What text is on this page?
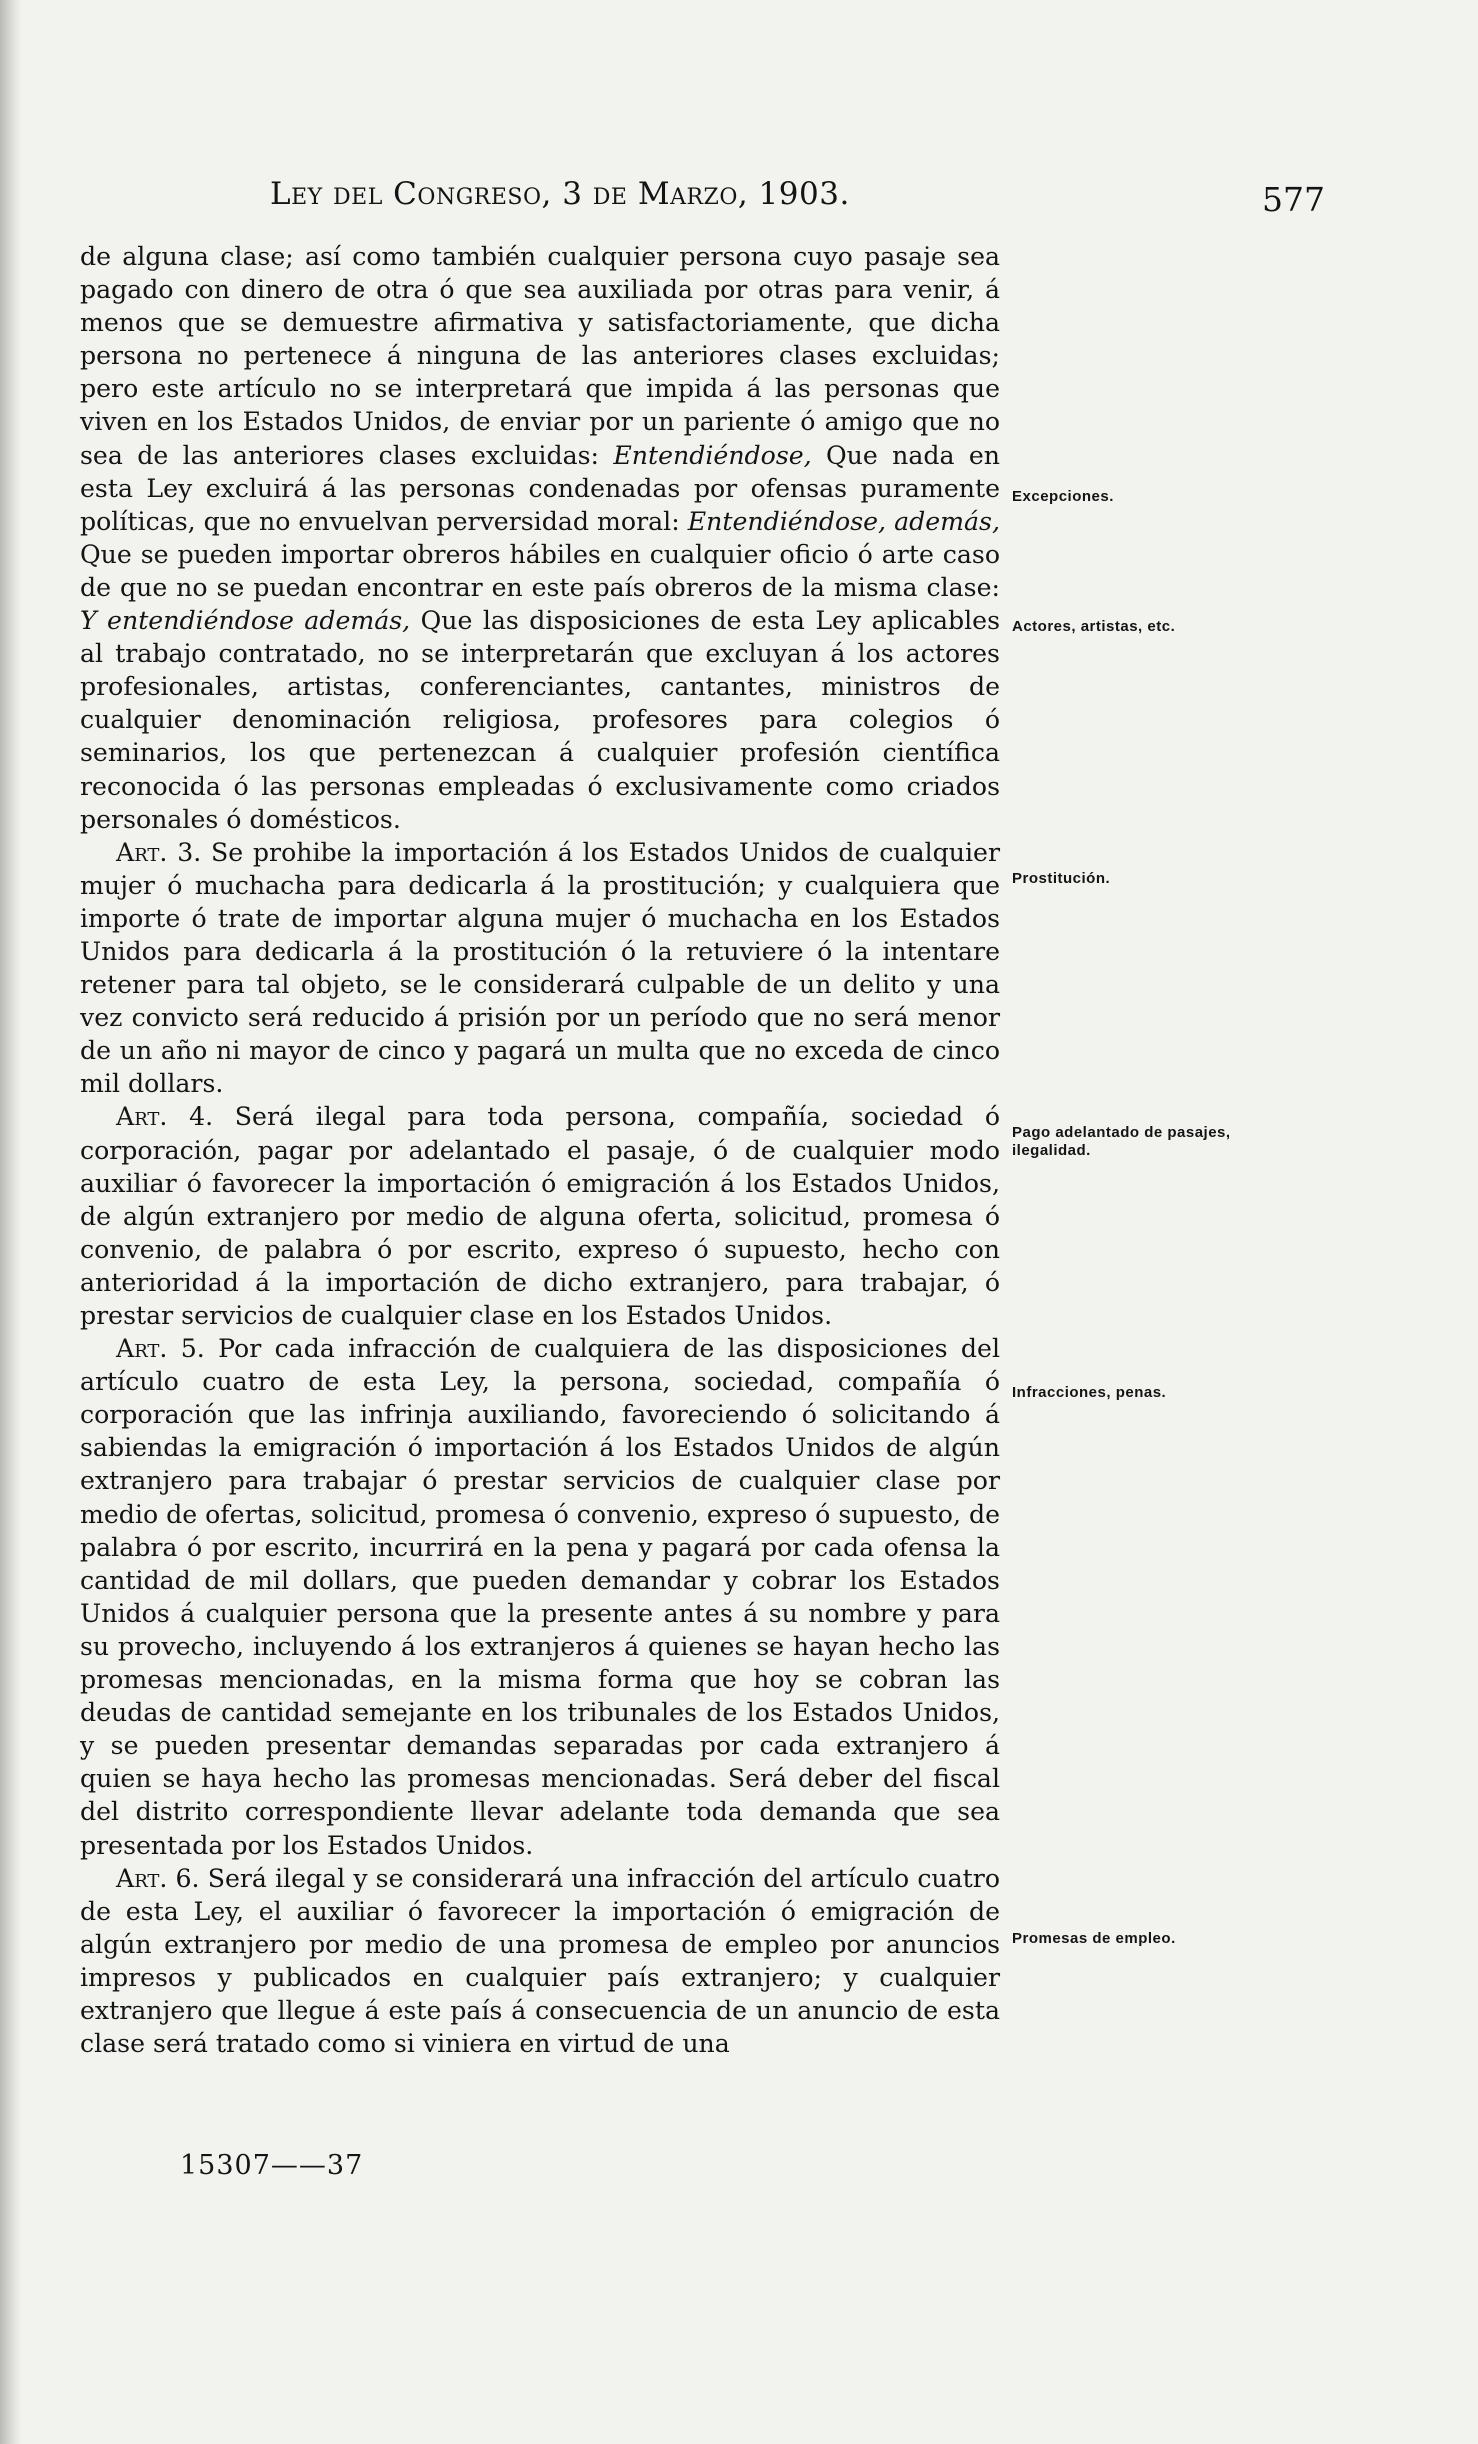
Ley del Congreso, 3 de Marzo, 1903.	577

de alguna clase; así como también cualquier persona cuyo pasaje sea pagado con dinero de otra ó que sea auxiliada por otras para venir, á menos que se demuestre afirmativa y satisfactoriamente, que dicha persona no pertenece á ninguna de las anteriores clases excluidas; pero este artículo no se interpretará que impida á las personas que viven en los Estados Unidos, de enviar por un pariente ó amigo que no sea de las anteriores clases excluidas: Entendiéndose, Que nada en esta Ley excluirá á las personas condenadas por ofensas puramente políticas, que no envuelvan perversidad moral: Entendiéndose, además, Que se pueden importar obreros hábiles en cualquier oficio ó arte caso de que no se puedan encontrar en este país obreros de la misma clase: Y entendiéndose además, Que las disposiciones de esta Ley aplicables al trabajo contratado, no se interpretarán que excluyan á los actores profesionales, artistas, conferenciantes, cantantes, ministros de cualquier denominación religiosa, profesores para colegios ó seminarios, los que pertenezcan á cualquier profesión científica reconocida ó las personas empleadas ó exclusivamente como criados personales ó domésticos.

Art. 3. Se prohibe la importación á los Estados Unidos de cualquier mujer ó muchacha para dedicarla á la prostitución; y cualquiera que importe ó trate de importar alguna mujer ó muchacha en los Estados Unidos para dedicarla á la prostitución ó la retuviere ó la intentare retener para tal objeto, se le considerará culpable de un delito y una vez convicto será reducido á prisión por un período que no será menor de un año ni mayor de cinco y pagará un multa que no exceda de cinco mil dollars.

Art. 4. Será ilegal para toda persona, compañía, sociedad ó corporación, pagar por adelantado el pasaje, ó de cualquier modo auxiliar ó favorecer la importación ó emigración á los Estados Unidos, de algún extranjero por medio de alguna oferta, solicitud, promesa ó convenio, de palabra ó por escrito, expreso ó supuesto, hecho con anterioridad á la importación de dicho extranjero, para trabajar, ó prestar servicios de cualquier clase en los Estados Unidos.

Art. 5. Por cada infracción de cualquiera de las disposiciones del artículo cuatro de esta Ley, la persona, sociedad, compañía ó corporación que las infrinja auxiliando, favoreciendo ó solicitando á sabiendas la emigración ó importación á los Estados Unidos de algún extranjero para trabajar ó prestar servicios de cualquier clase por medio de ofertas, solicitud, promesa ó convenio, expreso ó supuesto, de palabra ó por escrito, incurrirá en la pena y pagará por cada ofensa la cantidad de mil dollars, que pueden demandar y cobrar los Estados Unidos á cualquier persona que la presente antes á su nombre y para su provecho, incluyendo á los extranjeros á quienes se hayan hecho las promesas mencionadas, en la misma forma que hoy se cobran las deudas de cantidad semejante en los tribunales de los Estados Unidos, y se pueden presentar demandas separadas por cada extranjero á quien se haya hecho las promesas mencionadas. Será deber del fiscal del distrito correspondiente llevar adelante toda demanda que sea presentada por los Estados Unidos.

Art. 6. Será ilegal y se considerará una infracción del artículo cuatro de esta Ley, el auxiliar ó favorecer la importación ó emigración de algún extranjero por medio de una promesa de empleo por anuncios impresos y publicados en cualquier país extranjero; y cualquier extranjero que llegue á este país á consecuencia de un anuncio de esta clase será tratado como si viniera en virtud de una

Excepciones.
Actores, artistas, etc.
Prostitución.
Pago adelantado de pasajes, ilegalidad.
Infracciones, penas.
Promesas de empleo.
15307——37
